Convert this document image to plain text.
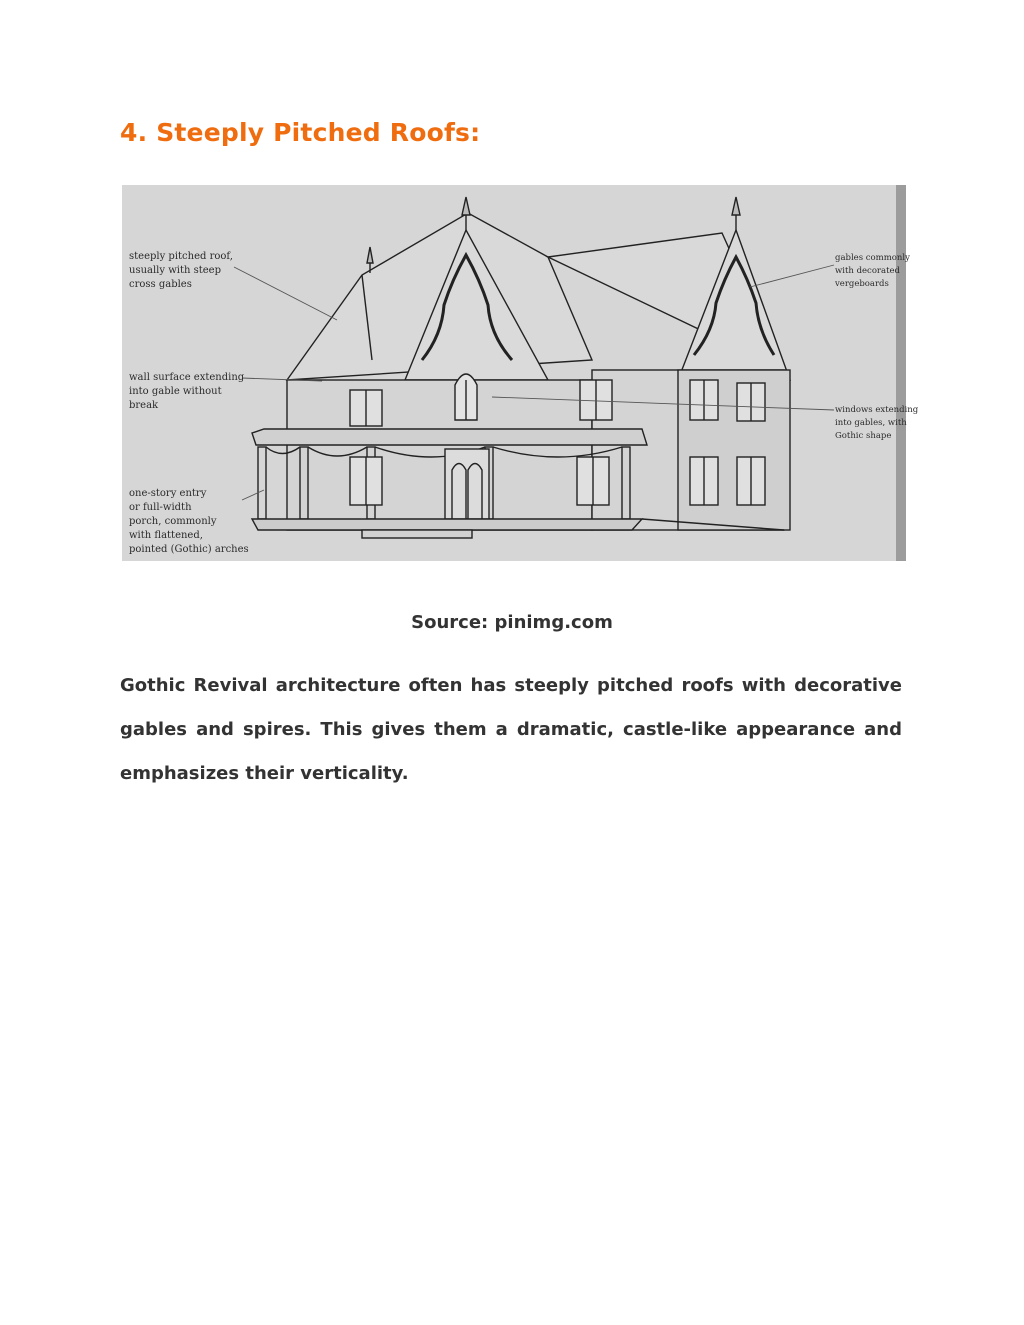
4. Steeply Pitched Roofs:
steeply pitched roof,
usually with steep
cross gables
wall surface extending
into gable without
break
one-story entry
or full-width
porch, commonly
with flattened,
pointed (Gothic) arches
gables commonly
with decorated
vergeboards
windows extending
into gables, with
Gothic shape

Source: pinimg.com

Gothic Revival architecture often has steeply pitched roofs with decorative gables and spires. This gives them a dramatic, castle-like appearance and emphasizes their verticality.
